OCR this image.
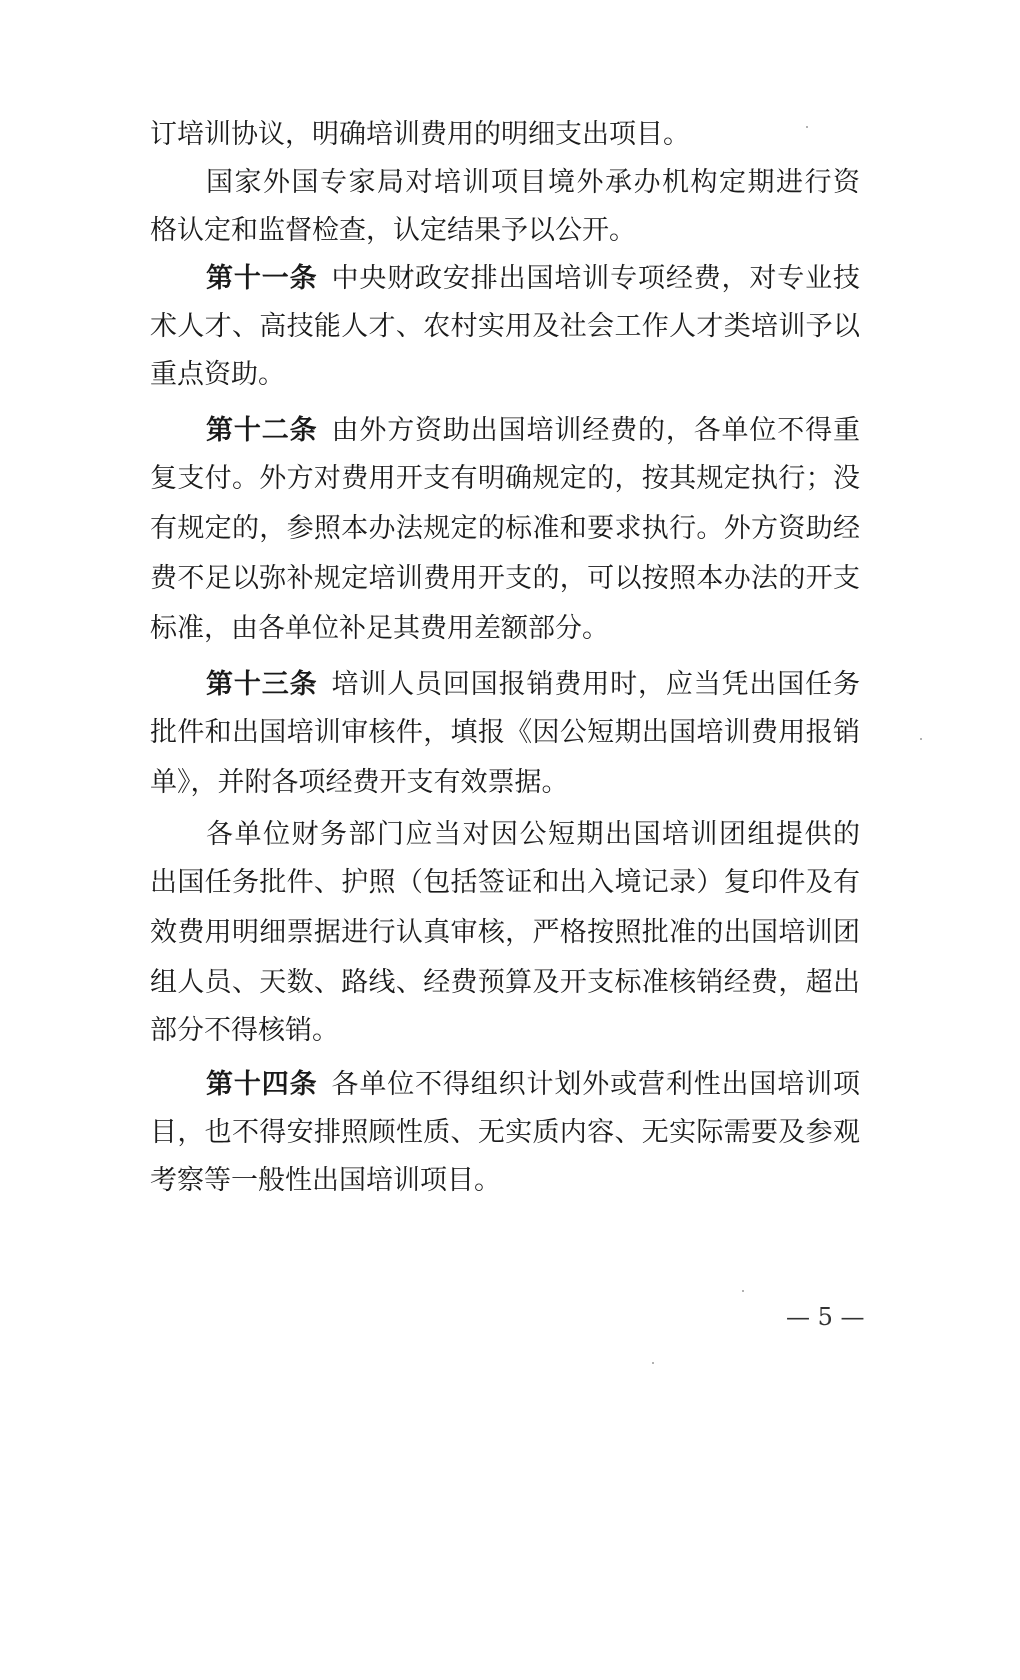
订培训协议，明确培训费用的明细支出项目。
国家外国专家局对培训项目境外承办机构定期进行资
格认定和监督检查，认定结果予以公开。
第十一条 中央财政安排出国培训专项经费，对专业技
术人才、高技能人才、农村实用及社会工作人才类培训予以
重点资助。
第十二条 由外方资助出国培训经费的，各单位不得重
复支付。外方对费用开支有明确规定的，按其规定执行；没
有规定的，参照本办法规定的标准和要求执行。外方资助经
费不足以弥补规定培训费用开支的，可以按照本办法的开支
标准，由各单位补足其费用差额部分。
第十三条 培训人员回国报销费用时，应当凭出国任务
批件和出国培训审核件，填报《因公短期出国培训费用报销
单》，并附各项经费开支有效票据。
各单位财务部门应当对因公短期出国培训团组提供的
出国任务批件、护照（包括签证和出入境记录）复印件及有
效费用明细票据进行认真审核，严格按照批准的出国培训团
组人员、天数、路线、经费预算及开支标准核销经费，超出
部分不得核销。
第十四条 各单位不得组织计划外或营利性出国培训项
目，也不得安排照顾性质、无实质内容、无实际需要及参观
考察等一般性出国培训项目。
— 5 —
